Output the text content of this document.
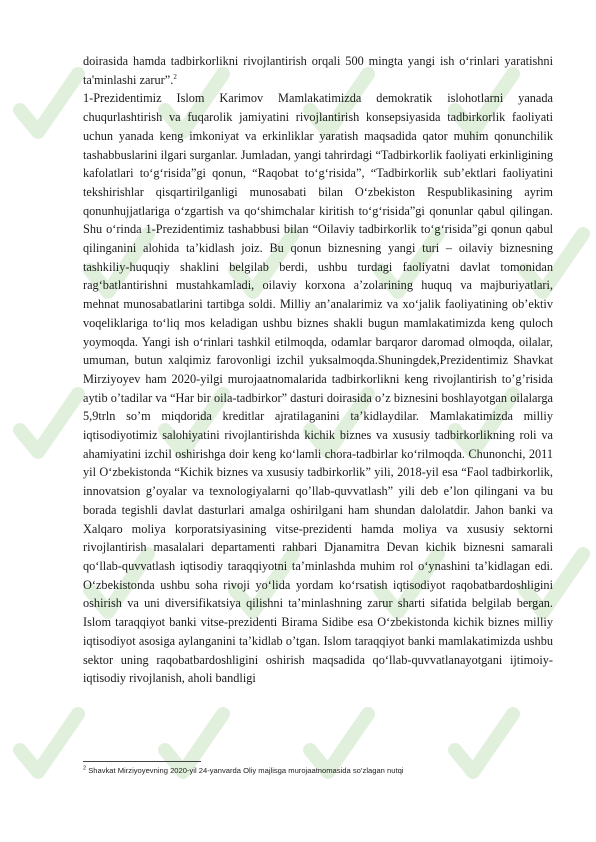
doirasida hamda tadbirkorlikni rivojlantirish orqali 500 mingta yangi ish o‘rinlari yaratishni ta'minlashi zarur”.$^2$

1-Prezidentimiz Islom Karimov Mamlakatimizda demokratik islohotlarni yanada chuqurlashtirish va fuqarolik jamiyatini rivojlantirish konsepsiyasida tadbirkorlik faoliyati uchun yanada keng imkoniyat va erkinliklar yaratish maqsadida qator muhim qonunchilik tashabbuslarini ilgari surganlar. Jumladan, yangi tahrirdagi “Tadbirkorlik faoliyati erkinligining kafolatlari to‘g‘risida”gi qonun, “Raqobat to‘g‘risida”, “Tadbirkorlik sub’ektlari faoliyatini tekshirishlar qisqartirilganligi munosabati bilan O‘zbekiston Respublikasining ayrim qonunhujjatlariga o‘zgartish va qo‘shimchalar kiritish to‘g‘risida”gi qonunlar qabul qilingan. Shu o‘rinda 1-Prezidentimiz tashabbusi bilan “Oilaviy tadbirkorlik to‘g‘risida”gi qonun qabul qilinganini alohida ta’kidlash joiz. Bu qonun biznesning yangi turi – oilaviy biznesning tashkiliy-huquqiy shaklini belgilab berdi, ushbu turdagi faoliyatni davlat tomonidan rag‘batlantirishni mustahkamladi, oilaviy korxona a’zolarining huquq va majburiyatlari, mehnat munosabatlarini tartibga soldi. Milliy an’analarimiz va xo‘jalik faoliyatining ob’ektiv voqeliklariga to‘liq mos keladigan ushbu biznes shakli bugun mamlakatimizda keng quloch yoymoqda. Yangi ish o‘rinlari tashkil etilmoqda, odamlar barqaror daromad olmoqda, oilalar, umuman, butun xalqimiz farovonligi izchil yuksalmoqda.Shuningdek,Prezidentimiz Shavkat Mirziyoyev ham 2020-yilgi murojaatnomalarida tadbirkorlikni keng rivojlantirish to’g’risida aytib o’tadilar va “Har bir oila-tadbirkor” dasturi doirasida o’z biznesini boshlayotgan oilalarga 5,9trln so’m miqdorida kreditlar ajratilaganini ta’kidlaydilar. Mamlakatimizda milliy iqtisodiyotimiz salohiyatini rivojlantirishda kichik biznes va xususiy tadbirkorlikning roli va ahamiyatini izchil oshirishga doir keng ko‘lamli chora-tadbirlar ko‘rilmoqda. Chunonchi, 2011 yil O‘zbekistonda “Kichik biznes va xususiy tadbirkorlik” yili, 2018-yil esa “Faol tadbirkorlik, innovatsion g’oyalar va texnologiyalarni qo’llab-quvvatlash” yili deb e’lon qilingani va bu borada tegishli davlat dasturlari amalga oshirilgani ham shundan dalolatdir. Jahon banki va Xalqaro moliya korporatsiyasining vitse-prezidenti hamda moliya va xususiy sektorni rivojlantirish masalalari departamenti rahbari Djanamitra Devan kichik biznesni samarali qo‘llab-quvvatlash iqtisodiy taraqqiyotni ta’minlashda muhim rol o‘ynashini ta’kidlagan edi. O‘zbekistonda ushbu soha rivoji yo‘lida yordam ko‘rsatish iqtisodiyot raqobatbardoshligini oshirish va uni diversifikatsiya qilishni ta’minlashning zarur sharti sifatida belgilab bergan. Islom taraqqiyot banki vitse-prezidenti Birama Sidibe esa O‘zbekistonda kichik biznes milliy iqtisodiyot asosiga aylanganini ta’kidlab o’tgan. Islom taraqqiyot banki mamlakatimizda ushbu sektor uning raqobatbardoshligini oshirish maqsadida qo‘llab-quvvatlanayotgani ijtimoiy-iqtisodiy rivojlanish, aholi bandligi

$^2$ Shavkat Mirziyoyevning 2020-yil 24-yanvarda Oliy majlisga murojaatnomasida so’zlagan nutqi
